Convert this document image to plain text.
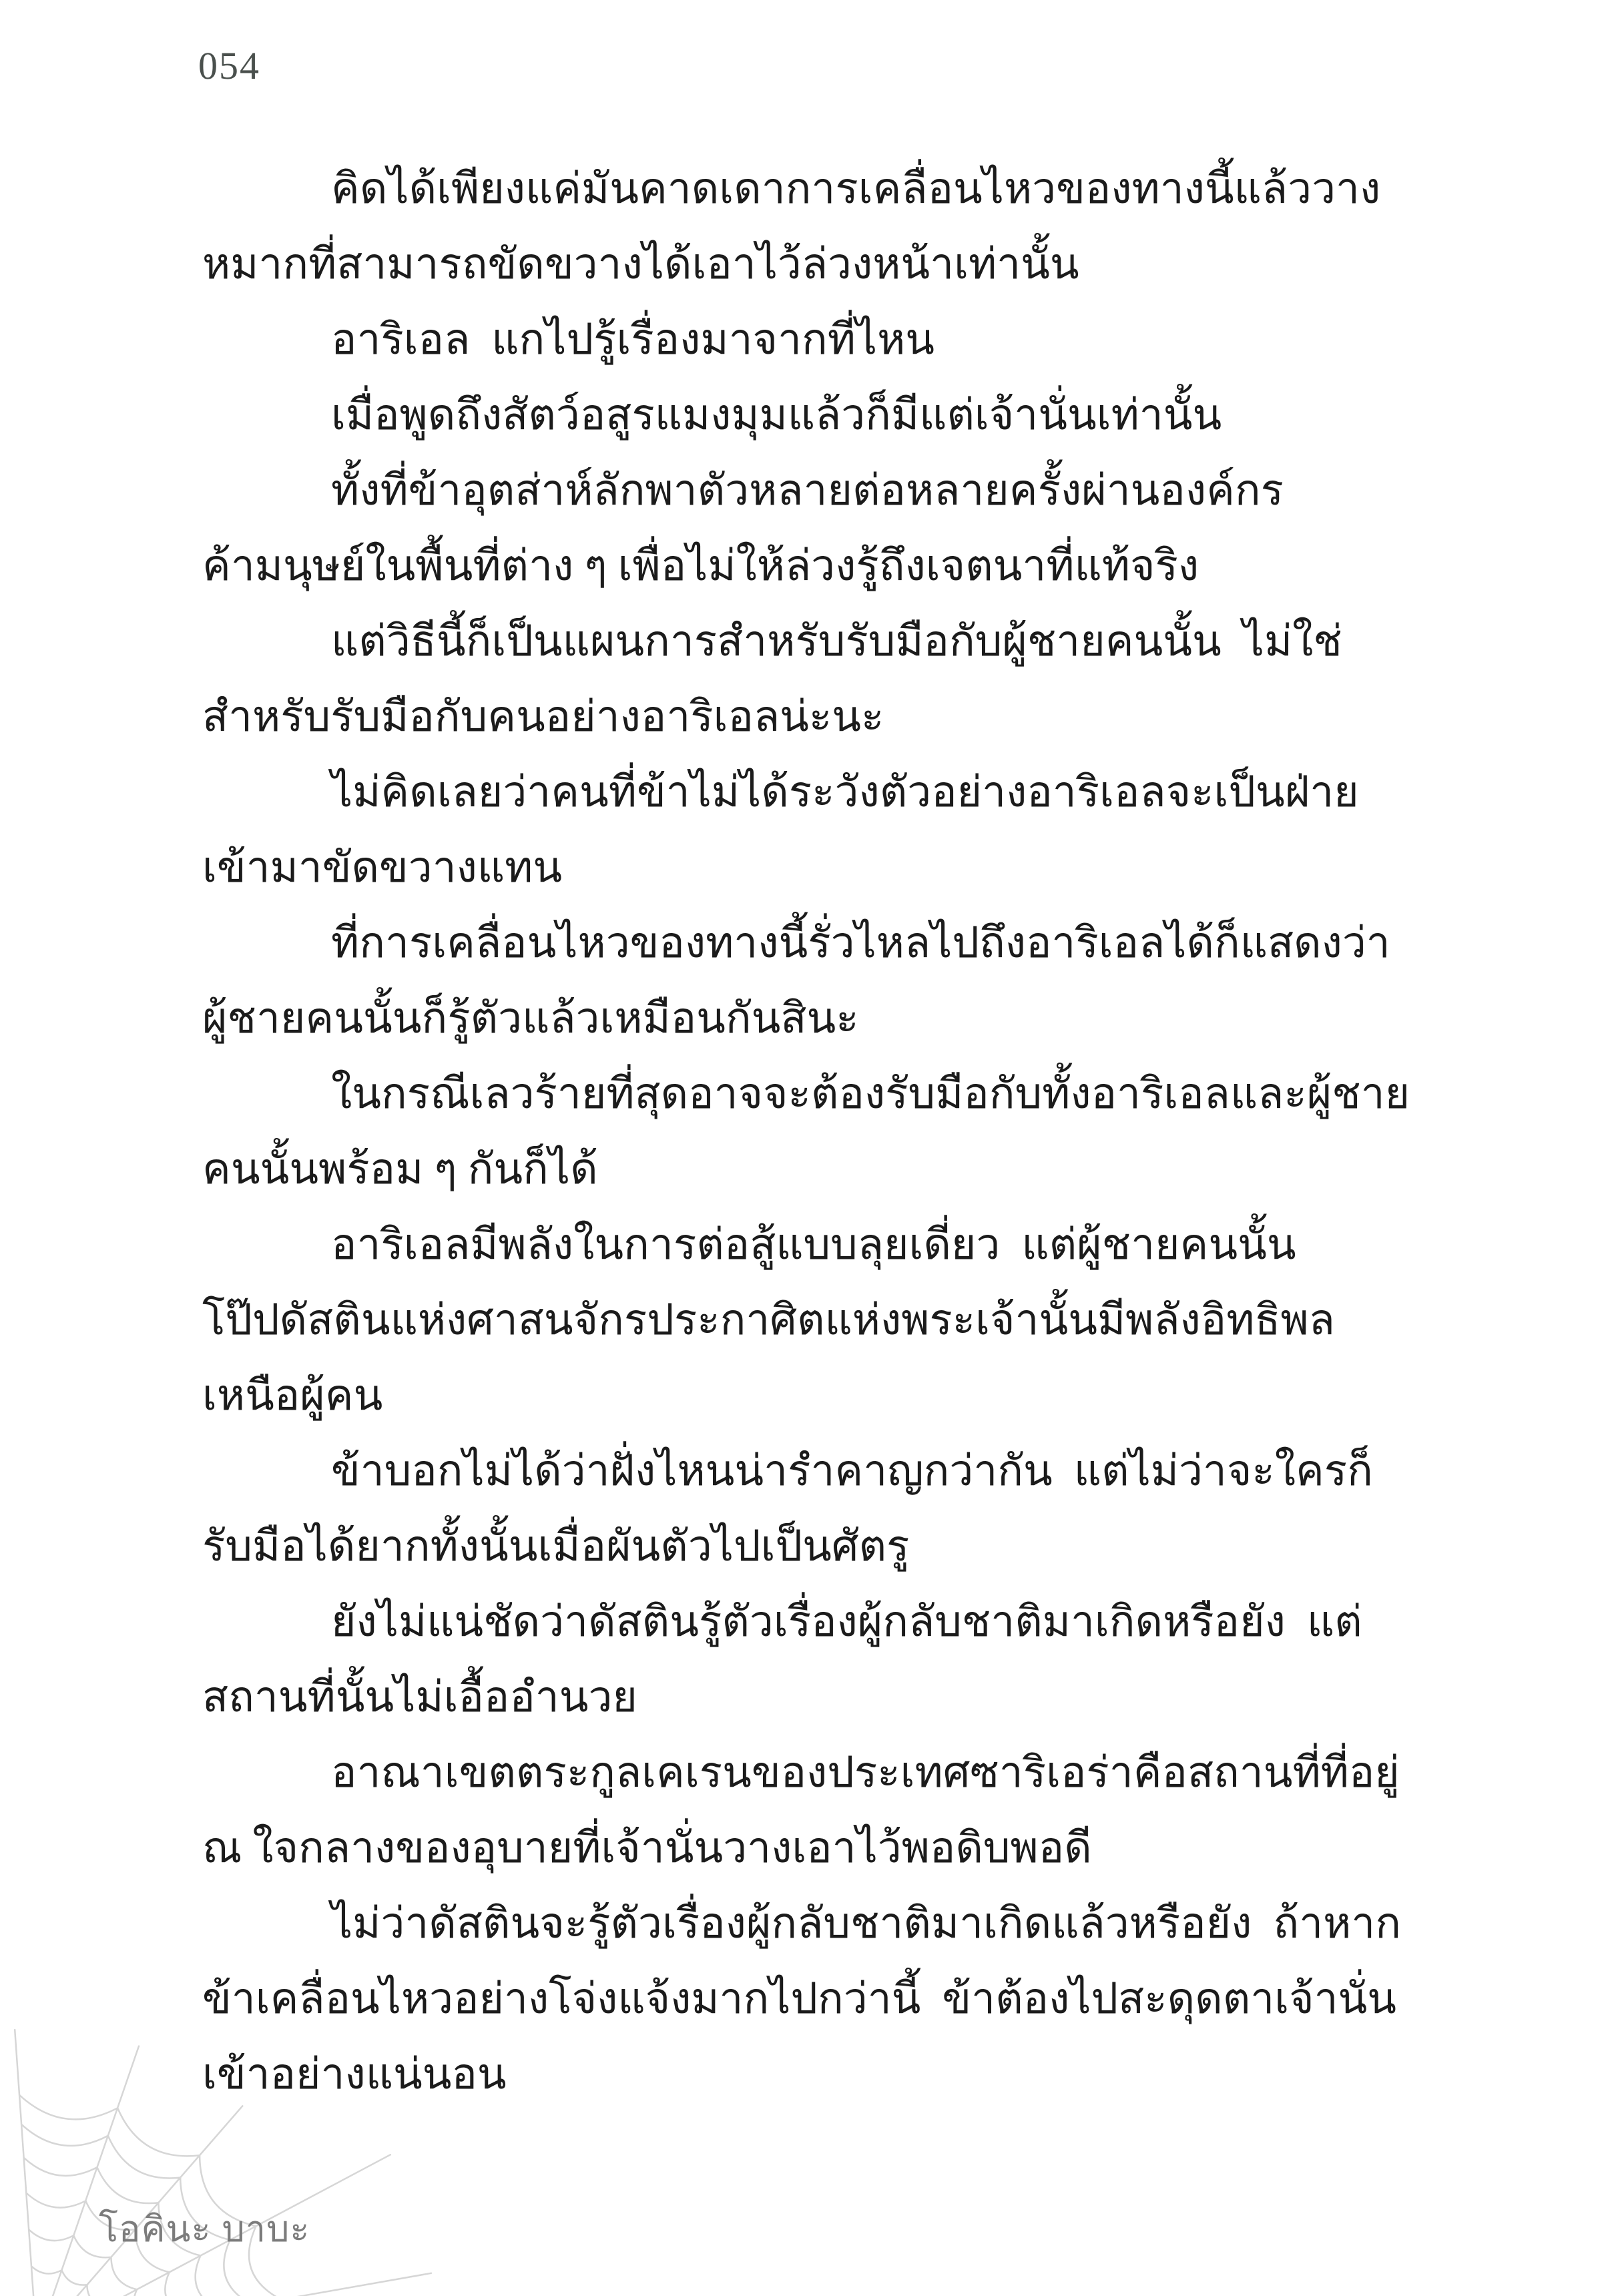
054
คิดได้เพียงแค่มันคาดเดาการเคลื่อนไหวของทางนี้แล้ววาง
หมากที่สามารถขัดขวางได้เอาไว้ล่วงหน้าเท่านั้น
อาริเอล  แกไปรู้เรื่องมาจากที่ไหน
เมื่อพูดถึงสัตว์อสูรแมงมุมแล้วก็มีแต่เจ้านั่นเท่านั้น
ทั้งที่ข้าอุตส่าห์ลักพาตัวหลายต่อหลายครั้งผ่านองค์กร
ค้ามนุษย์ในพื้นที่ต่าง ๆ เพื่อไม่ให้ล่วงรู้ถึงเจตนาที่แท้จริง
แต่วิธีนี้ก็เป็นแผนการสำหรับรับมือกับผู้ชายคนนั้น  ไม่ใช่
สำหรับรับมือกับคนอย่างอาริเอลน่ะนะ
ไม่คิดเลยว่าคนที่ข้าไม่ได้ระวังตัวอย่างอาริเอลจะเป็นฝ่าย
เข้ามาขัดขวางแทน
ที่การเคลื่อนไหวของทางนี้รั่วไหลไปถึงอาริเอลได้ก็แสดงว่า
ผู้ชายคนนั้นก็รู้ตัวแล้วเหมือนกันสินะ
ในกรณีเลวร้ายที่สุดอาจจะต้องรับมือกับทั้งอาริเอลและผู้ชาย
คนนั้นพร้อม ๆ กันก็ได้
อาริเอลมีพลังในการต่อสู้แบบลุยเดี่ยว  แต่ผู้ชายคนนั้น
โป๊ปดัสตินแห่งศาสนจักรประกาศิตแห่งพระเจ้านั้นมีพลังอิทธิพล
เหนือผู้คน
ข้าบอกไม่ได้ว่าฝั่งไหนน่ารำคาญกว่ากัน  แต่ไม่ว่าจะใครก็
รับมือได้ยากทั้งนั้นเมื่อผันตัวไปเป็นศัตรู
ยังไม่แน่ชัดว่าดัสตินรู้ตัวเรื่องผู้กลับชาติมาเกิดหรือยัง  แต่
สถานที่นั้นไม่เอื้ออำนวย
อาณาเขตตระกูลเคเรนของประเทศซาริเอร่าคือสถานที่ที่อยู่
ณ ใจกลางของอุบายที่เจ้านั่นวางเอาไว้พอดิบพอดี
ไม่ว่าดัสตินจะรู้ตัวเรื่องผู้กลับชาติมาเกิดแล้วหรือยัง  ถ้าหาก
ข้าเคลื่อนไหวอย่างโจ่งแจ้งมากไปกว่านี้  ข้าต้องไปสะดุดตาเจ้านั่น
เข้าอย่างแน่นอน
โอคินะ บาบะ
